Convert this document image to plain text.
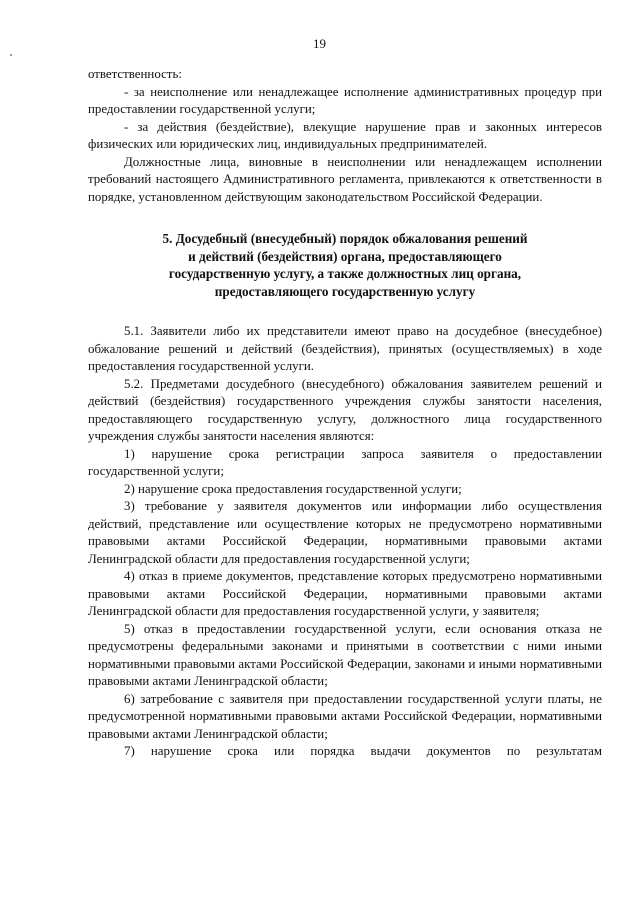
19

ответственность:

- за неисполнение или ненадлежащее исполнение административных процедур при предоставлении государственной услуги;

- за действия (бездействие), влекущие нарушение прав и законных интересов физических или юридических лиц, индивидуальных предпринимателей.

Должностные лица, виновные в неисполнении или ненадлежащем исполнении требований настоящего Административного регламента, привлекаются к ответственности в порядке, установленном действующим законодательством Российской Федерации.

5. Досудебный (внесудебный) порядок обжалования решений
и действий (бездействия) органа, предоставляющего
государственную услугу, а также должностных лиц органа,
предоставляющего государственную услугу

5.1. Заявители либо их представители имеют право на досудебное (внесудебное) обжалование решений и действий (бездействия), принятых (осуществляемых) в ходе предоставления государственной услуги.

5.2. Предметами досудебного (внесудебного) обжалования заявителем решений и действий (бездействия) государственного учреждения службы занятости населения, предоставляющего государственную услугу, должностного лица государственного учреждения службы занятости населения являются:

1) нарушение срока регистрации запроса заявителя о предоставлении государственной услуги;

2) нарушение срока предоставления государственной услуги;

3) требование у заявителя документов или информации либо осуществления действий, представление или осуществление которых не предусмотрено нормативными правовыми актами Российской Федерации, нормативными правовыми актами Ленинградской области для предоставления государственной услуги;

4) отказ в приеме документов, представление которых предусмотрено нормативными правовыми актами Российской Федерации, нормативными правовыми актами Ленинградской области для предоставления государственной услуги, у заявителя;

5) отказ в предоставлении государственной услуги, если основания отказа не предусмотрены федеральными законами и принятыми в соответствии с ними иными нормативными правовыми актами Российской Федерации, законами и иными нормативными правовыми актами Ленинградской области;

6) затребование с заявителя при предоставлении государственной услуги платы, не предусмотренной нормативными правовыми актами Российской Федерации, нормативными правовыми актами Ленинградской области;

7) нарушение срока или порядка выдачи документов по результатам
